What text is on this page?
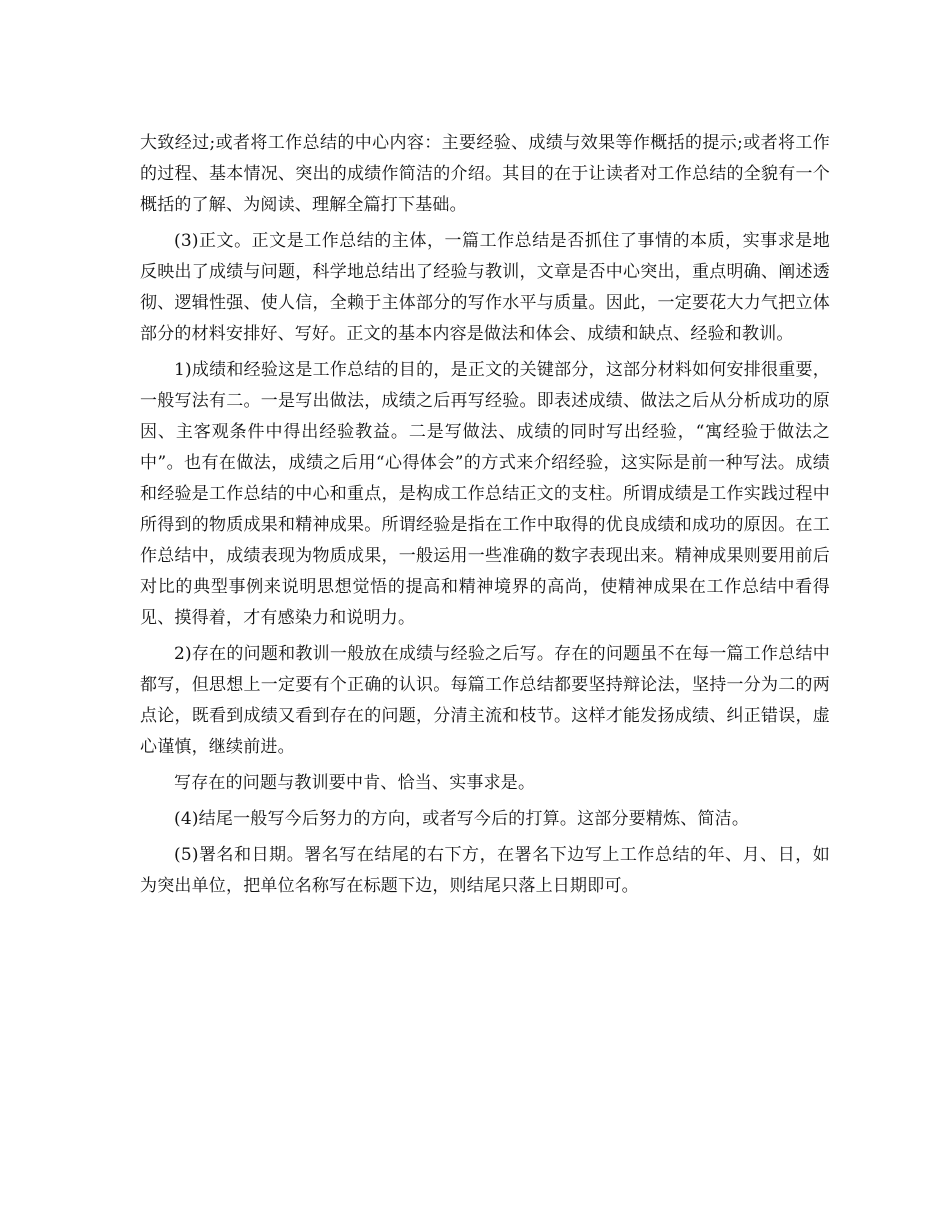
大致经过;或者将工作总结的中心内容：主要经验、成绩与效果等作概括的提示;或者将工作的过程、基本情况、突出的成绩作简洁的介绍。其目的在于让读者对工作总结的全貌有一个概括的了解、为阅读、理解全篇打下基础。

(3)正文。正文是工作总结的主体，一篇工作总结是否抓住了事情的本质，实事求是地反映出了成绩与问题，科学地总结出了经验与教训，文章是否中心突出，重点明确、阐述透彻、逻辑性强、使人信，全赖于主体部分的写作水平与质量。因此，一定要花大力气把立体部分的材料安排好、写好。正文的基本内容是做法和体会、成绩和缺点、经验和教训。

1)成绩和经验这是工作总结的目的，是正文的关键部分，这部分材料如何安排很重要，一般写法有二。一是写出做法，成绩之后再写经验。即表述成绩、做法之后从分析成功的原因、主客观条件中得出经验教益。二是写做法、成绩的同时写出经验，“寓经验于做法之中”。也有在做法，成绩之后用“心得体会”的方式来介绍经验，这实际是前一种写法。成绩和经验是工作总结的中心和重点，是构成工作总结正文的支柱。所谓成绩是工作实践过程中所得到的物质成果和精神成果。所谓经验是指在工作中取得的优良成绩和成功的原因。在工作总结中，成绩表现为物质成果，一般运用一些准确的数字表现出来。精神成果则要用前后对比的典型事例来说明思想觉悟的提高和精神境界的高尚，使精神成果在工作总结中看得见、摸得着，才有感染力和说明力。

2)存在的问题和教训一般放在成绩与经验之后写。存在的问题虽不在每一篇工作总结中都写，但思想上一定要有个正确的认识。每篇工作总结都要坚持辩论法，坚持一分为二的两点论，既看到成绩又看到存在的问题，分清主流和枝节。这样才能发扬成绩、纠正错误，虚心谨慎，继续前进。

写存在的问题与教训要中肯、恰当、实事求是。

(4)结尾一般写今后努力的方向，或者写今后的打算。这部分要精炼、简洁。

(5)署名和日期。署名写在结尾的右下方，在署名下边写上工作总结的年、月、日，如为突出单位，把单位名称写在标题下边，则结尾只落上日期即可。
